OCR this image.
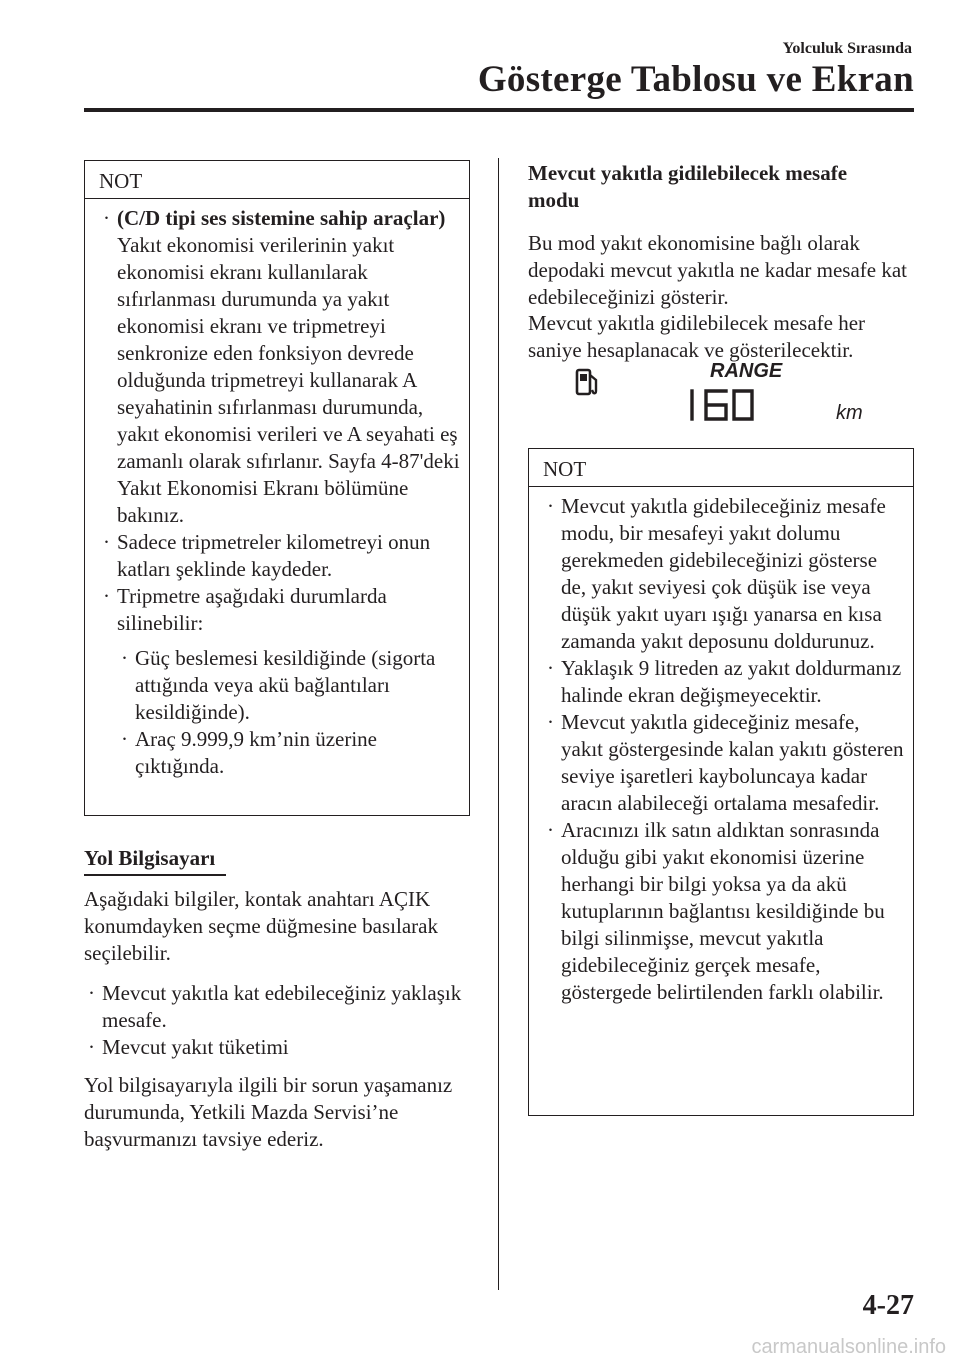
Yolculuk Sırasında
Gösterge Tablosu ve Ekran
NOT
· (C/D tipi ses sistemine sahip araçlar)
Yakıt ekonomisi verilerinin yakıt ekonomisi ekranı kullanılarak sıfırlanması durumunda ya yakıt ekonomisi ekranı ve tripmetreyi senkronize eden fonksiyon devrede olduğunda tripmetreyi kullanarak A seyahatinin sıfırlanması durumunda, yakıt ekonomisi verileri ve A seyahati eş zamanlı olarak sıfırlanır. Sayfa 4-87'deki Yakıt Ekonomisi Ekranı bölümüne bakınız.
· Sadece tripmetreler kilometreyi onun katları şeklinde kaydeder.
· Tripmetre aşağıdaki durumlarda silinebilir:
· Güç beslemesi kesildiğinde (sigorta attığında veya akü bağlantıları kesildiğinde).
· Araç 9.999,9 km’nin üzerine çıktığında.
Yol Bilgisayarı
Aşağıdaki bilgiler, kontak anahtarı AÇIK konumdayken seçme düğmesine basılarak seçilebilir.
· Mevcut yakıtla kat edebileceğiniz yaklaşık mesafe.
· Mevcut yakıt tüketimi
Yol bilgisayarıyla ilgili bir sorun yaşamanız durumunda, Yetkili Mazda Servisi’ne başvurmanızı tavsiye ederiz.
Mevcut yakıtla gidilebilecek mesafe modu
Bu mod yakıt ekonomisine bağlı olarak depodaki mevcut yakıtla ne kadar mesafe kat edebileceğinizi gösterir.
Mevcut yakıtla gidilebilecek mesafe her saniye hesaplanacak ve gösterilecektir.
RANGE
km
NOT
· Mevcut yakıtla gidebileceğiniz mesafe modu, bir mesafeyi yakıt dolumu gerekmeden gidebileceğinizi gösterse de, yakıt seviyesi çok düşük ise veya düşük yakıt uyarı ışığı yanarsa en kısa zamanda yakıt deposunu doldurunuz.
· Yaklaşık 9 litreden az yakıt doldurmanız halinde ekran değişmeyecektir.
· Mevcut yakıtla gideceğiniz mesafe, yakıt göstergesinde kalan yakıtı gösteren seviye işaretleri kayboluncaya kadar aracın alabileceği ortalama mesafedir.
· Aracınızı ilk satın aldıktan sonrasında olduğu gibi yakıt ekonomisi üzerine herhangi bir bilgi yoksa ya da akü kutuplarının bağlantısı kesildiğinde bu bilgi silinmişse, mevcut yakıtla gidebileceğiniz gerçek mesafe, göstergede belirtilenden farklı olabilir.
4-27
carmanualsonline.info
